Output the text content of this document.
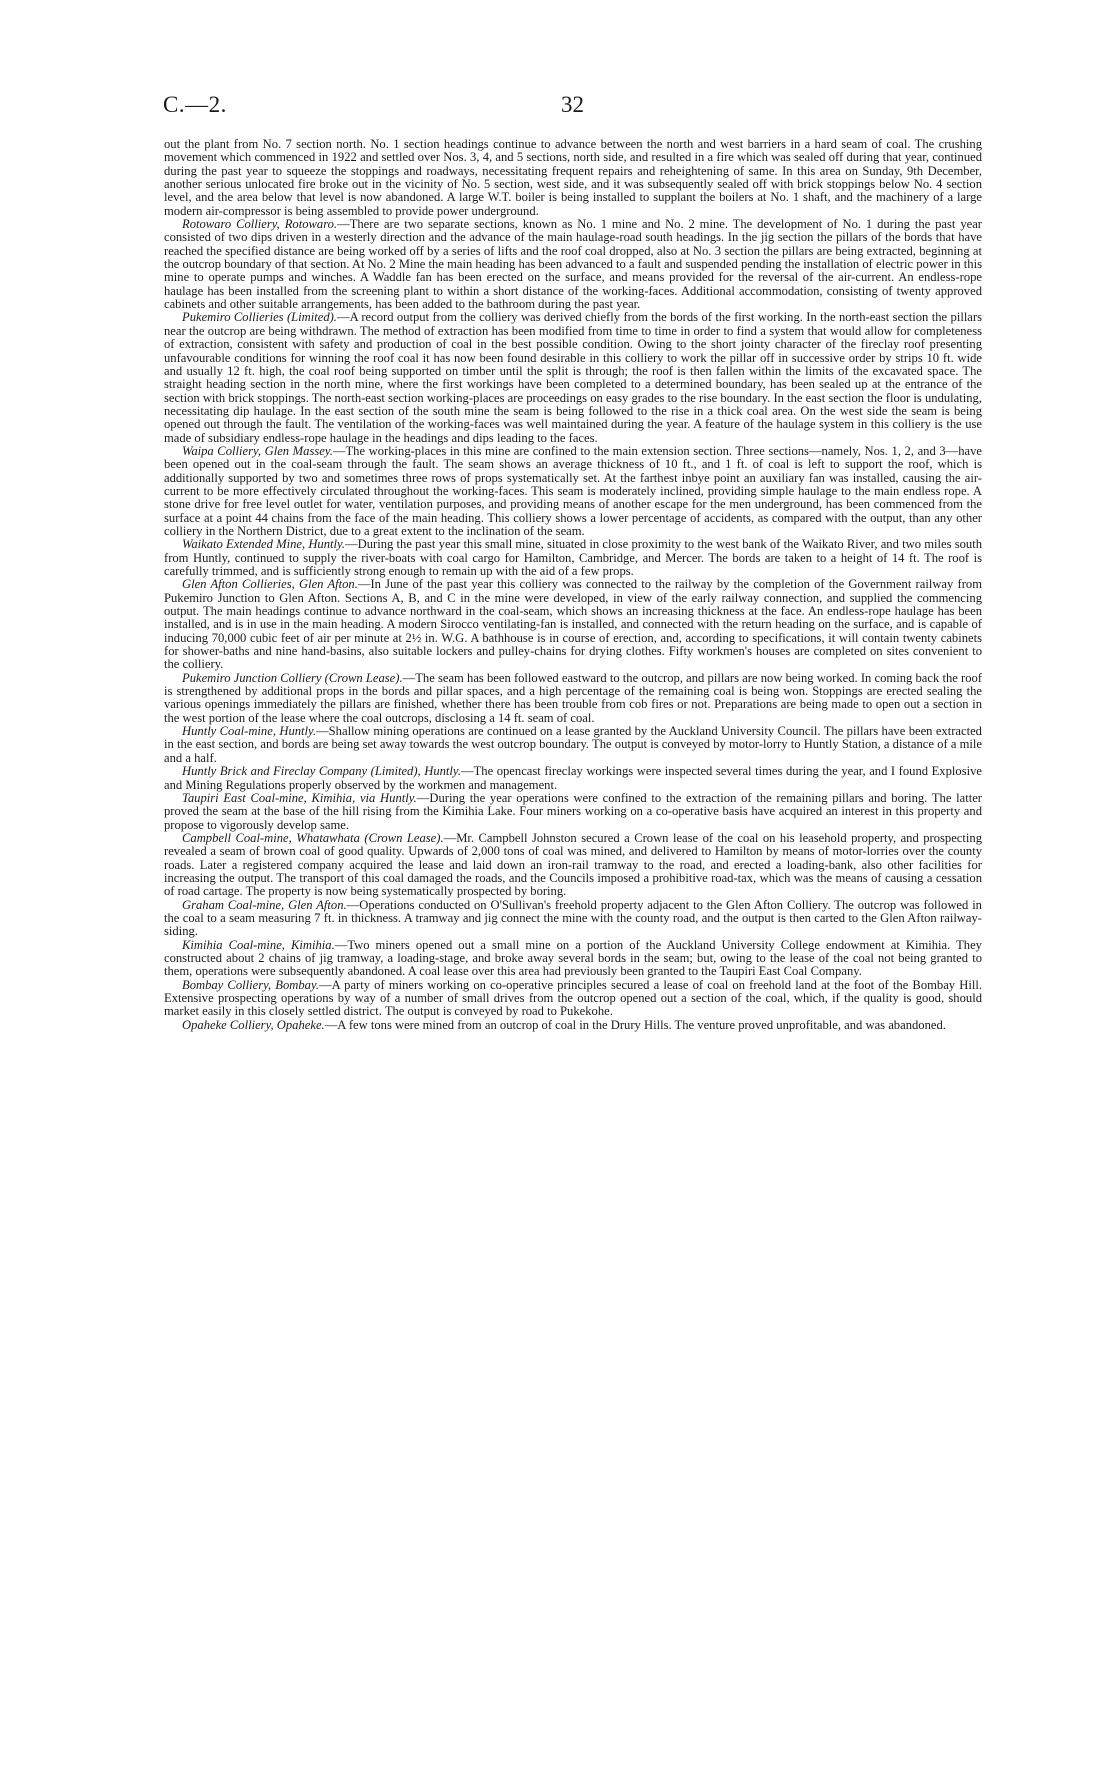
C.—2.	32

out the plant from No. 7 section north. No. 1 section headings continue to advance between the north and west barriers in a hard seam of coal. The crushing movement which commenced in 1922 and settled over Nos. 3, 4, and 5 sections, north side, and resulted in a fire which was sealed off during that year, continued during the past year to squeeze the stoppings and roadways, necessitating frequent repairs and reheightening of same. In this area on Sunday, 9th December, another serious unlocated fire broke out in the vicinity of No. 5 section, west side, and it was subsequently sealed off with brick stoppings below No. 4 section level, and the area below that level is now abandoned. A large W.T. boiler is being installed to supplant the boilers at No. 1 shaft, and the machinery of a large modern air-compressor is being assembled to provide power underground.

Rotowaro Colliery, Rotowaro.—There are two separate sections, known as No. 1 mine and No. 2 mine. The development of No. 1 during the past year consisted of two dips driven in a westerly direction and the advance of the main haulage-road south headings. In the jig section the pillars of the bords that have reached the specified distance are being worked off by a series of lifts and the roof coal dropped, also at No. 3 section the pillars are being extracted, beginning at the outcrop boundary of that section. At No. 2 Mine the main heading has been advanced to a fault and suspended pending the installation of electric power in this mine to operate pumps and winches. A Waddle fan has been erected on the surface, and means provided for the reversal of the air-current. An endless-rope haulage has been installed from the screening plant to within a short distance of the working-faces. Additional accommodation, consisting of twenty approved cabinets and other suitable arrangements, has been added to the bathroom during the past year.

Pukemiro Collieries (Limited).—A record output from the colliery was derived chiefly from the bords of the first working. In the north-east section the pillars near the outcrop are being withdrawn. The method of extraction has been modified from time to time in order to find a system that would allow for completeness of extraction, consistent with safety and production of coal in the best possible condition. Owing to the short jointy character of the fireclay roof presenting unfavourable conditions for winning the roof coal it has now been found desirable in this colliery to work the pillar off in successive order by strips 10 ft. wide and usually 12 ft. high, the coal roof being supported on timber until the split is through; the roof is then fallen within the limits of the excavated space. The straight heading section in the north mine, where the first workings have been completed to a determined boundary, has been sealed up at the entrance of the section with brick stoppings. The north-east section working-places are proceedings on easy grades to the rise boundary. In the east section the floor is undulating, necessitating dip haulage. In the east section of the south mine the seam is being followed to the rise in a thick coal area. On the west side the seam is being opened out through the fault. The ventilation of the working-faces was well maintained during the year. A feature of the haulage system in this colliery is the use made of subsidiary endless-rope haulage in the headings and dips leading to the faces.

Waipa Colliery, Glen Massey.—The working-places in this mine are confined to the main extension section. Three sections—namely, Nos. 1, 2, and 3—have been opened out in the coal-seam through the fault. The seam shows an average thickness of 10 ft., and 1 ft. of coal is left to support the roof, which is additionally supported by two and sometimes three rows of props systematically set. At the farthest inbye point an auxiliary fan was installed, causing the air-current to be more effectively circulated throughout the working-faces. This seam is moderately inclined, providing simple haulage to the main endless rope. A stone drive for free level outlet for water, ventilation purposes, and providing means of another escape for the men underground, has been commenced from the surface at a point 44 chains from the face of the main heading. This colliery shows a lower percentage of accidents, as compared with the output, than any other colliery in the Northern District, due to a great extent to the inclination of the seam.

Waikato Extended Mine, Huntly.—During the past year this small mine, situated in close proximity to the west bank of the Waikato River, and two miles south from Huntly, continued to supply the river-boats with coal cargo for Hamilton, Cambridge, and Mercer. The bords are taken to a height of 14 ft. The roof is carefully trimmed, and is sufficiently strong enough to remain up with the aid of a few props.

Glen Afton Collieries, Glen Afton.—In June of the past year this colliery was connected to the railway by the completion of the Government railway from Pukemiro Junction to Glen Afton. Sections A, B, and C in the mine were developed, in view of the early railway connection, and supplied the commencing output. The main headings continue to advance northward in the coal-seam, which shows an increasing thickness at the face. An endless-rope haulage has been installed, and is in use in the main heading. A modern Sirocco ventilating-fan is installed, and connected with the return heading on the surface, and is capable of inducing 70,000 cubic feet of air per minute at 2½ in. W.G. A bathhouse is in course of erection, and, according to specifications, it will contain twenty cabinets for shower-baths and nine hand-basins, also suitable lockers and pulley-chains for drying clothes. Fifty workmen's houses are completed on sites convenient to the colliery.

Pukemiro Junction Colliery (Crown Lease).—The seam has been followed eastward to the outcrop, and pillars are now being worked. In coming back the roof is strengthened by additional props in the bords and pillar spaces, and a high percentage of the remaining coal is being won. Stoppings are erected sealing the various openings immediately the pillars are finished, whether there has been trouble from cob fires or not. Preparations are being made to open out a section in the west portion of the lease where the coal outcrops, disclosing a 14 ft. seam of coal.

Huntly Coal-mine, Huntly.—Shallow mining operations are continued on a lease granted by the Auckland University Council. The pillars have been extracted in the east section, and bords are being set away towards the west outcrop boundary. The output is conveyed by motor-lorry to Huntly Station, a distance of a mile and a half.

Huntly Brick and Fireclay Company (Limited), Huntly.—The opencast fireclay workings were inspected several times during the year, and I found Explosive and Mining Regulations properly observed by the workmen and management.

Taupiri East Coal-mine, Kimihia, via Huntly.—During the year operations were confined to the extraction of the remaining pillars and boring. The latter proved the seam at the base of the hill rising from the Kimihia Lake. Four miners working on a co-operative basis have acquired an interest in this property and propose to vigorously develop same.

Campbell Coal-mine, Whatawhata (Crown Lease).—Mr. Campbell Johnston secured a Crown lease of the coal on his leasehold property, and prospecting revealed a seam of brown coal of good quality. Upwards of 2,000 tons of coal was mined, and delivered to Hamilton by means of motor-lorries over the county roads. Later a registered company acquired the lease and laid down an iron-rail tramway to the road, and erected a loading-bank, also other facilities for increasing the output. The transport of this coal damaged the roads, and the Councils imposed a prohibitive road-tax, which was the means of causing a cessation of road cartage. The property is now being systematically prospected by boring.

Graham Coal-mine, Glen Afton.—Operations conducted on O'Sullivan's freehold property adjacent to the Glen Afton Colliery. The outcrop was followed in the coal to a seam measuring 7 ft. in thickness. A tramway and jig connect the mine with the county road, and the output is then carted to the Glen Afton railway-siding.

Kimihia Coal-mine, Kimihia.—Two miners opened out a small mine on a portion of the Auckland University College endowment at Kimihia. They constructed about 2 chains of jig tramway, a loading-stage, and broke away several bords in the seam; but, owing to the lease of the coal not being granted to them, operations were subsequently abandoned. A coal lease over this area had previously been granted to the Taupiri East Coal Company.

Bombay Colliery, Bombay.—A party of miners working on co-operative principles secured a lease of coal on freehold land at the foot of the Bombay Hill. Extensive prospecting operations by way of a number of small drives from the outcrop opened out a section of the coal, which, if the quality is good, should market easily in this closely settled district. The output is conveyed by road to Pukekohe.

Opaheke Colliery, Opaheke.—A few tons were mined from an outcrop of coal in the Drury Hills. The venture proved unprofitable, and was abandoned.
